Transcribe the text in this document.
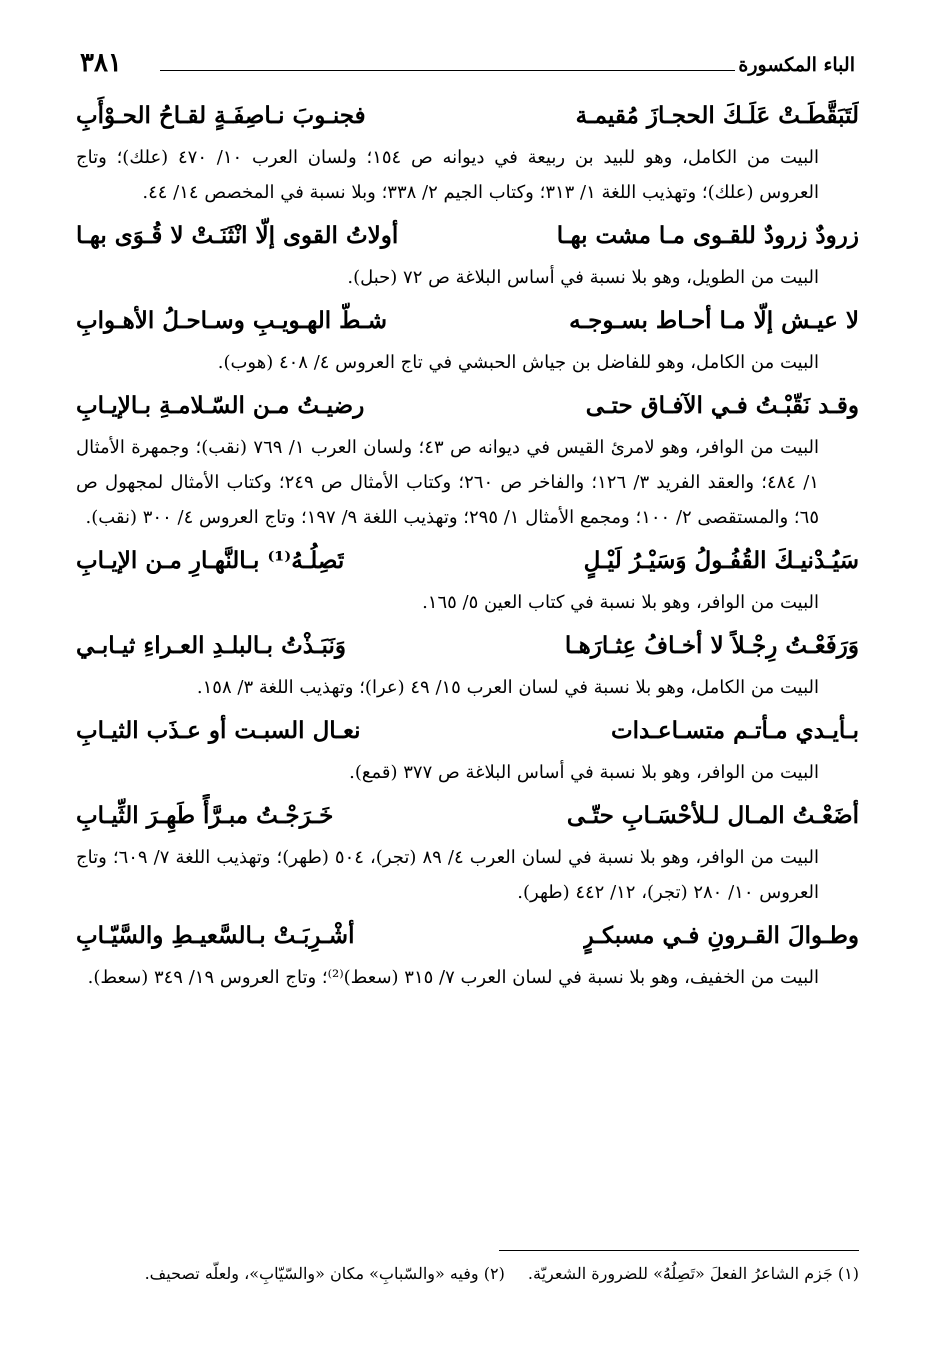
الباء المكسورة
٣٨١
لَتَبَقَّطَـتْ عَلَـكَ الحجـازَ مُقيمـة
فجنـوبَ نـاصِفَـةٍ لقـاحُ الحـوْأَبِ

البيت من الكامل، وهو للبيد بن ربيعة في ديوانه ص ١٥٤؛ ولسان العرب ١٠/ ٤٧٠ (علك)؛ وتاج العروس (علك)؛ وتهذيب اللغة ١/ ٣١٣؛ وكتاب الجيم ٢/ ٣٣٨؛ وبلا نسبة في المخصص ١٤/ ٤٤.

زرودٌ زرودٌ للقـوى مـا مشت بهـا
أولاتُ القوى إلّا انْثَنَـتْ لا قُـوَى بهـا

البيت من الطويل، وهو بلا نسبة في أساس البلاغة ص ٧٢ (حبل).

لا عيـش إلّا مـا أحـاط بسـوجـه
شـطّ الهـويـبِ وسـاحـلُ الأهـوابِ

البيت من الكامل، وهو للفاضل بن جياش الحبشي في تاج العروس ٤/ ٤٠٨ (هوب).

وقـد نَقّبْـتُ فـي الآفـاق حتـى
رضيـتُ مـن السّـلامـةِ بـالإيـابِ

البيت من الوافر، وهو لامرئ القيس في ديوانه ص ٤٣؛ ولسان العرب ١/ ٧٦٩ (نقب)؛ وجمهرة الأمثال ١/ ٤٨٤؛ والعقد الفريد ٣/ ١٢٦؛ والفاخر ص ٢٦٠؛ وكتاب الأمثال ص ٢٤٩؛ وكتاب الأمثال لمجهول ص ٦٥؛ والمستقصى ٢/ ١٠٠؛ ومجمع الأمثال ١/ ٢٩٥؛ وتهذيب اللغة ٩/ ١٩٧؛ وتاج العروس ٤/ ٣٠٠ (نقب).

سَيُـدْنيـكَ القُفُـولُ وَسَيْـرُ لَيْـلٍ
تَصِلُـهُ⁽¹⁾ بـالنَّهـارِ مـن الإيـابِ

البيت من الوافر، وهو بلا نسبة في كتاب العين ٥/ ١٦٥.

وَرَفَعْـتُ رِجْـلاً لا أخـافُ عِثـارَهـا
وَنَبَـذْتُ بـالبلـدِ العـراءِ ثيـابـي

البيت من الكامل، وهو بلا نسبة في لسان العرب ١٥/ ٤٩ (عرا)؛ وتهذيب اللغة ٣/ ١٥٨.

بـأيـدي مـأتـم متسـاعـدات
نعـال السبـت أو عـذَب الثيـابِ

البيت من الوافر، وهو بلا نسبة في أساس البلاغة ص ٣٧٧ (قمع).

أضَعْـتُ المـال لـلأحْسَـابِ حتّـى
خَـرَجْـتُ مبـرَّأً طَهِـرَ الثِّيـابِ

البيت من الوافر، وهو بلا نسبة في لسان العرب ٤/ ٨٩ (تجر)، ٥٠٤ (طهر)؛ وتهذيب اللغة ٧/ ٦٠٩؛ وتاج العروس ١٠/ ٢٨٠ (تجر)، ١٢/ ٤٤٢ (طهر).

وطـوالَ القـرونِ فـي مسبكـرٍ
أشْـرِبَـتْ بـالسَّعيـطِ والسَّيّـابِ

البيت من الخفيف، وهو بلا نسبة في لسان العرب ٧/ ٣١٥ (سعط)⁽²⁾؛ وتاج العروس ١٩/ ٣٤٩ (سعط).

(١) جَزم الشاعرُ الفعلَ «تَصِلُهُ» للضرورة الشعريّة. (٢) وفيه «والسّبابِ» مكان «والسّيّابِ»، ولعلّه تصحيف.
